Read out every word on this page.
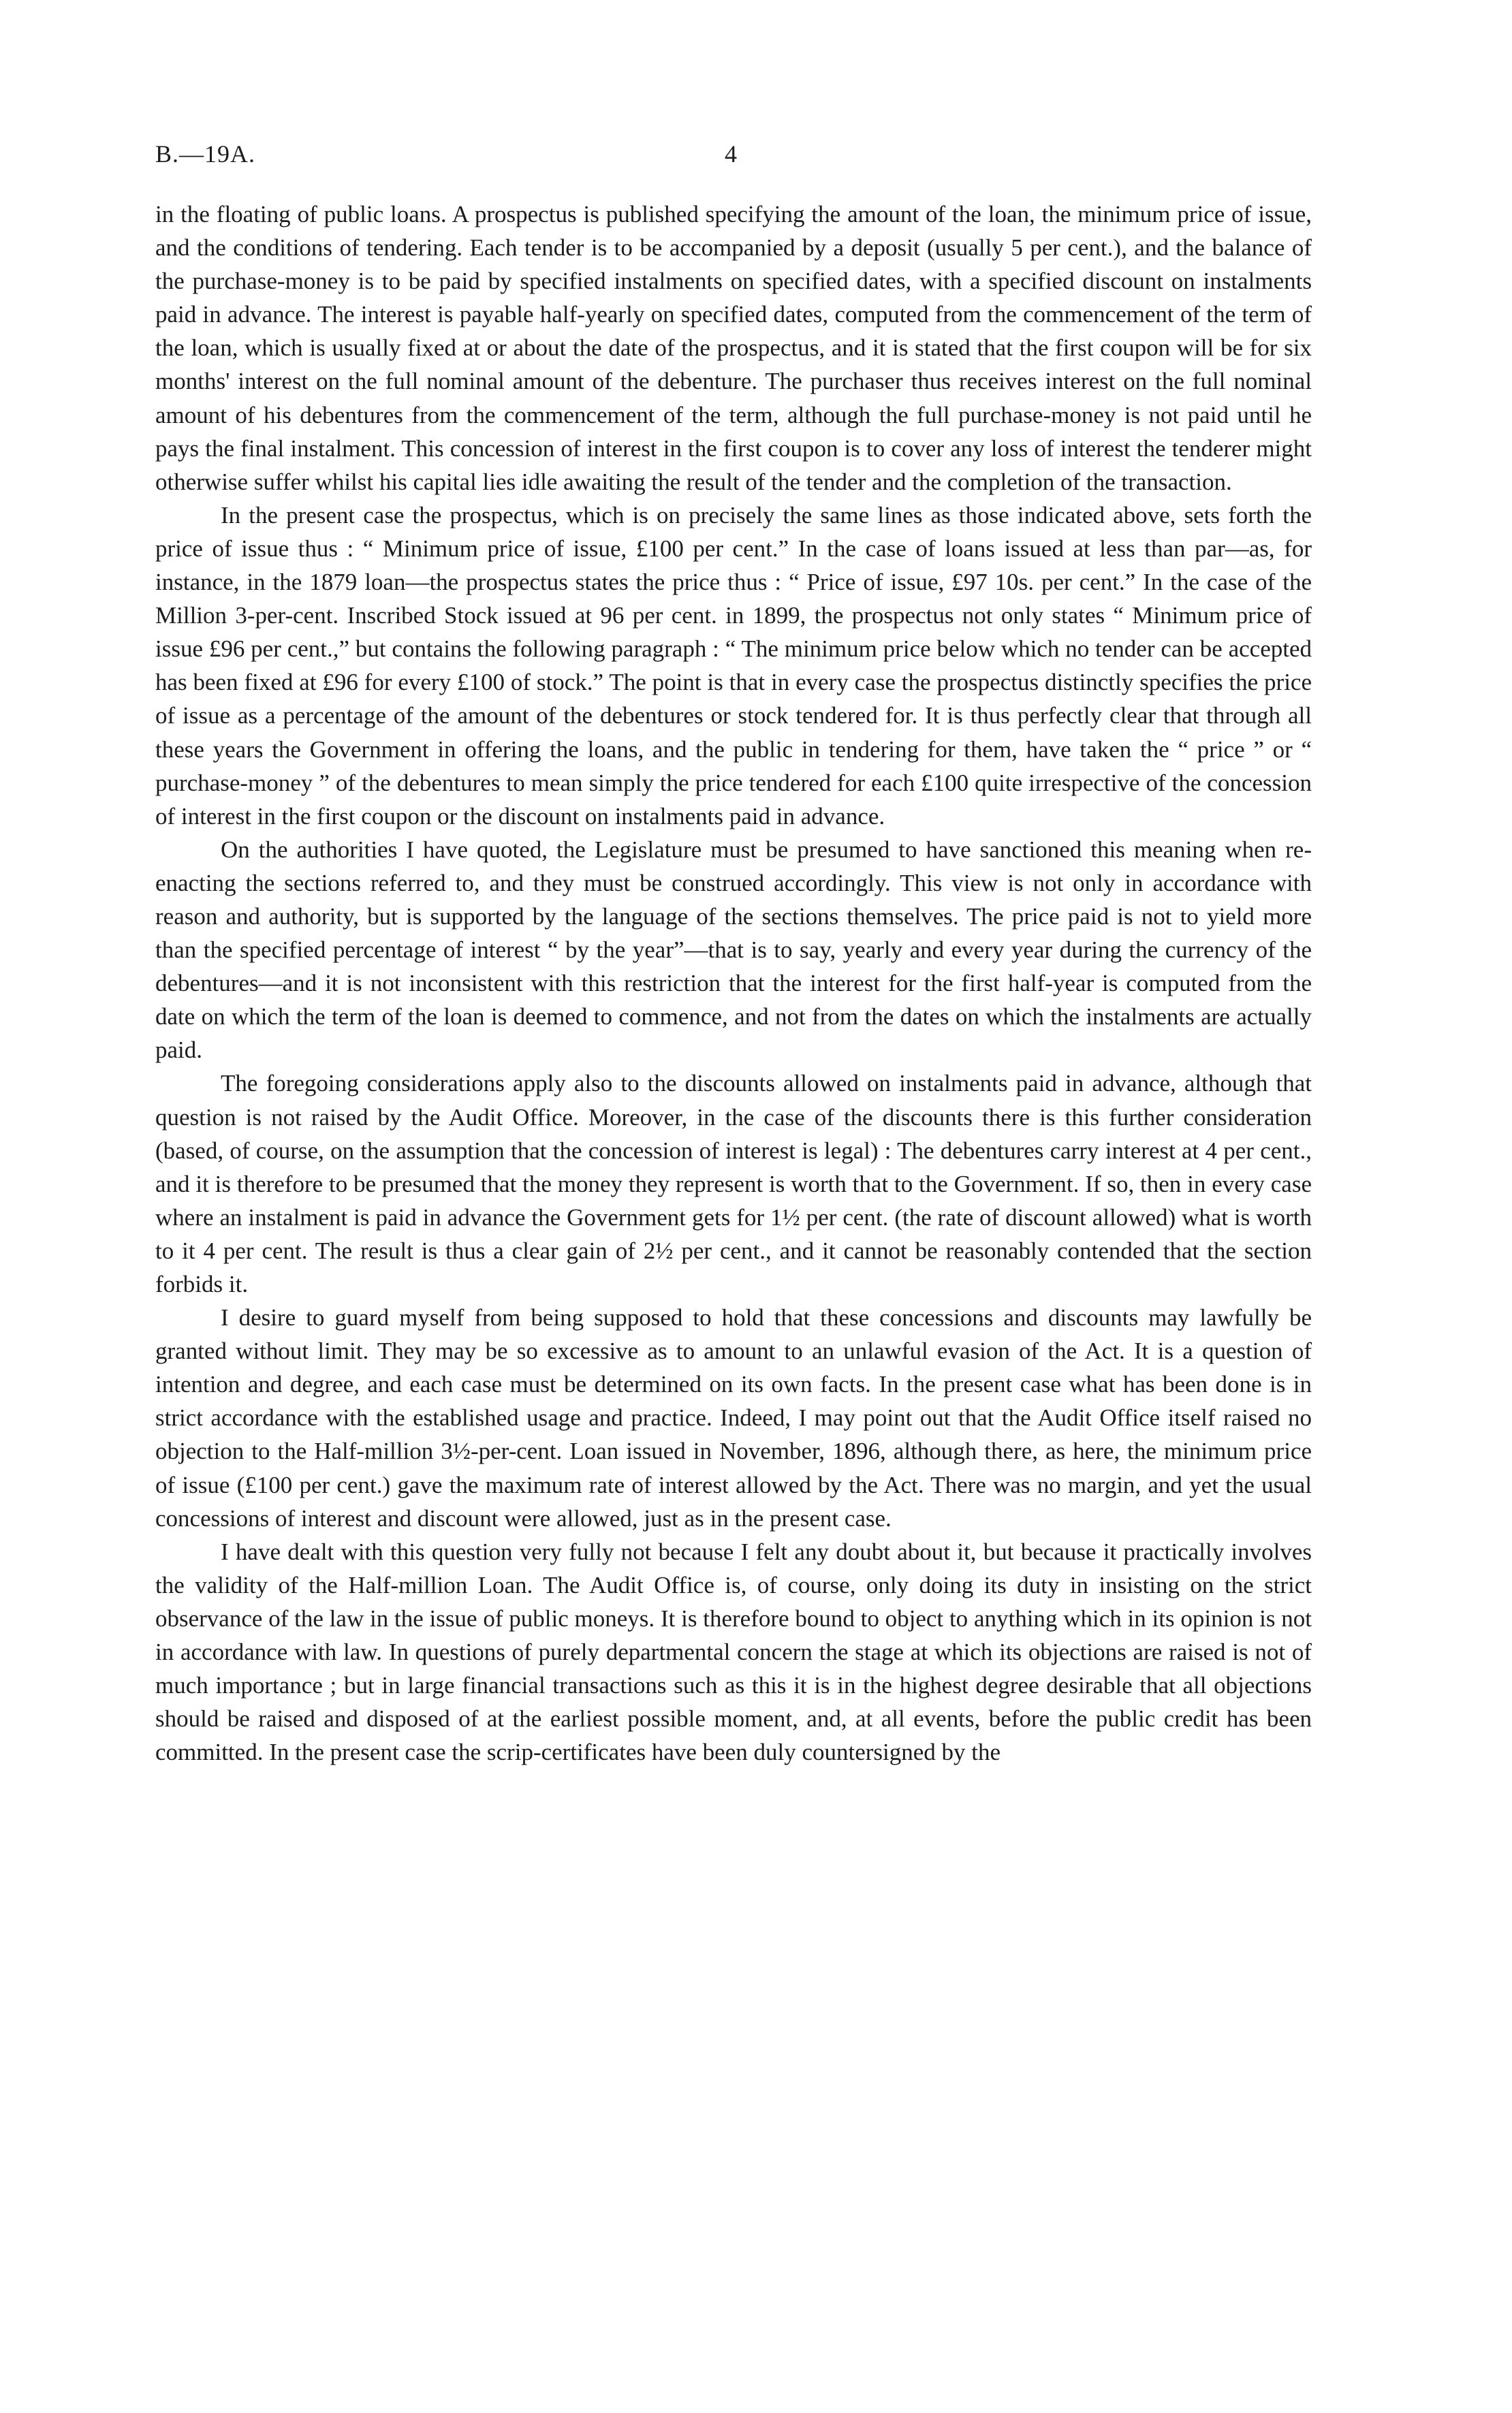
B.—19A.	4

in the floating of public loans. A prospectus is published specifying the amount of the loan, the minimum price of issue, and the conditions of tendering. Each tender is to be accompanied by a deposit (usually 5 per cent.), and the balance of the purchase-money is to be paid by specified instalments on specified dates, with a specified discount on instalments paid in advance. The interest is payable half-yearly on specified dates, computed from the commencement of the term of the loan, which is usually fixed at or about the date of the prospectus, and it is stated that the first coupon will be for six months' interest on the full nominal amount of the debenture. The purchaser thus receives interest on the full nominal amount of his debentures from the commencement of the term, although the full purchase-money is not paid until he pays the final instalment. This concession of interest in the first coupon is to cover any loss of interest the tenderer might otherwise suffer whilst his capital lies idle awaiting the result of the tender and the completion of the transaction.

In the present case the prospectus, which is on precisely the same lines as those indicated above, sets forth the price of issue thus : “ Minimum price of issue, £100 per cent.” In the case of loans issued at less than par—as, for instance, in the 1879 loan—the prospectus states the price thus : “ Price of issue, £97 10s. per cent.” In the case of the Million 3-per-cent. Inscribed Stock issued at 96 per cent. in 1899, the prospectus not only states “ Minimum price of issue £96 per cent.,” but contains the following paragraph : “ The minimum price below which no tender can be accepted has been fixed at £96 for every £100 of stock.” The point is that in every case the prospectus distinctly specifies the price of issue as a percentage of the amount of the debentures or stock tendered for. It is thus perfectly clear that through all these years the Government in offering the loans, and the public in tendering for them, have taken the “ price ” or “ purchase-money ” of the debentures to mean simply the price tendered for each £100 quite irrespective of the concession of interest in the first coupon or the discount on instalments paid in advance.

On the authorities I have quoted, the Legislature must be presumed to have sanctioned this meaning when re-enacting the sections referred to, and they must be construed accordingly. This view is not only in accordance with reason and authority, but is supported by the language of the sections themselves. The price paid is not to yield more than the specified percentage of interest “ by the year”—that is to say, yearly and every year during the currency of the debentures—and it is not inconsistent with this restriction that the interest for the first half-year is computed from the date on which the term of the loan is deemed to commence, and not from the dates on which the instalments are actually paid.

The foregoing considerations apply also to the discounts allowed on instalments paid in advance, although that question is not raised by the Audit Office. Moreover, in the case of the discounts there is this further consideration (based, of course, on the assumption that the concession of interest is legal) : The debentures carry interest at 4 per cent., and it is therefore to be presumed that the money they represent is worth that to the Government. If so, then in every case where an instalment is paid in advance the Government gets for 1½ per cent. (the rate of discount allowed) what is worth to it 4 per cent. The result is thus a clear gain of 2½ per cent., and it cannot be reasonably contended that the section forbids it.

I desire to guard myself from being supposed to hold that these concessions and discounts may lawfully be granted without limit. They may be so excessive as to amount to an unlawful evasion of the Act. It is a question of intention and degree, and each case must be determined on its own facts. In the present case what has been done is in strict accordance with the established usage and practice. Indeed, I may point out that the Audit Office itself raised no objection to the Half-million 3½-per-cent. Loan issued in November, 1896, although there, as here, the minimum price of issue (£100 per cent.) gave the maximum rate of interest allowed by the Act. There was no margin, and yet the usual concessions of interest and discount were allowed, just as in the present case.

I have dealt with this question very fully not because I felt any doubt about it, but because it practically involves the validity of the Half-million Loan. The Audit Office is, of course, only doing its duty in insisting on the strict observance of the law in the issue of public moneys. It is therefore bound to object to anything which in its opinion is not in accordance with law. In questions of purely departmental concern the stage at which its objections are raised is not of much importance ; but in large financial transactions such as this it is in the highest degree desirable that all objections should be raised and disposed of at the earliest possible moment, and, at all events, before the public credit has been committed. In the present case the scrip-certificates have been duly countersigned by the
